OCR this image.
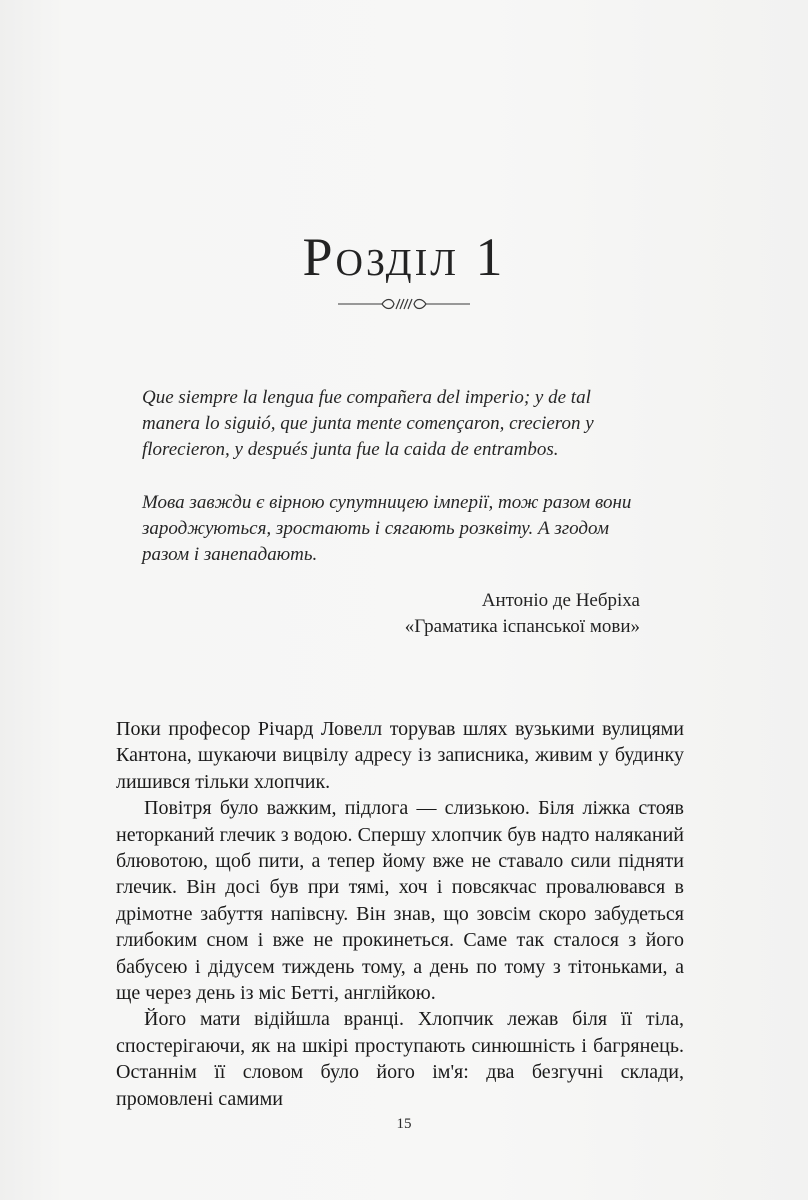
Розділ 1

Que siempre la lengua fue compañera del imperio; y de tal manera lo siguió, que junta mente començaron, crecieron y florecieron, y después junta fue la caida de entrambos.

Мова завжди є вірною супутницею імперії, тож разом вони зароджуються, зростають і сягають розквіту. А згодом разом і занепадають.

Антоніо де Небріха
«Граматика іспанської мови»

Поки професор Річард Ловелл торував шлях вузькими вулицями Кантона, шукаючи вицвілу адресу із записника, живим у будинку лишився тільки хлопчик.

Повітря було важким, підлога — слизькою. Біля ліжка стояв неторканий глечик з водою. Спершу хлопчик був надто наляканий блювотою, щоб пити, а тепер йому вже не ставало сили підняти глечик. Він досі був при тямі, хоч і повсякчас провалювався в дрімотне забуття напівсну. Він знав, що зовсім скоро забудеться глибоким сном і вже не прокинеться. Саме так сталося з його бабусею і дідусем тиждень тому, а день по тому з тітоньками, а ще через день із міс Бетті, англійкою.

Його мати відійшла вранці. Хлопчик лежав біля її тіла, спостерігаючи, як на шкірі проступають синюшність і багрянець. Останнім її словом було його ім'я: два безгучні склади, промовлені самими

15
